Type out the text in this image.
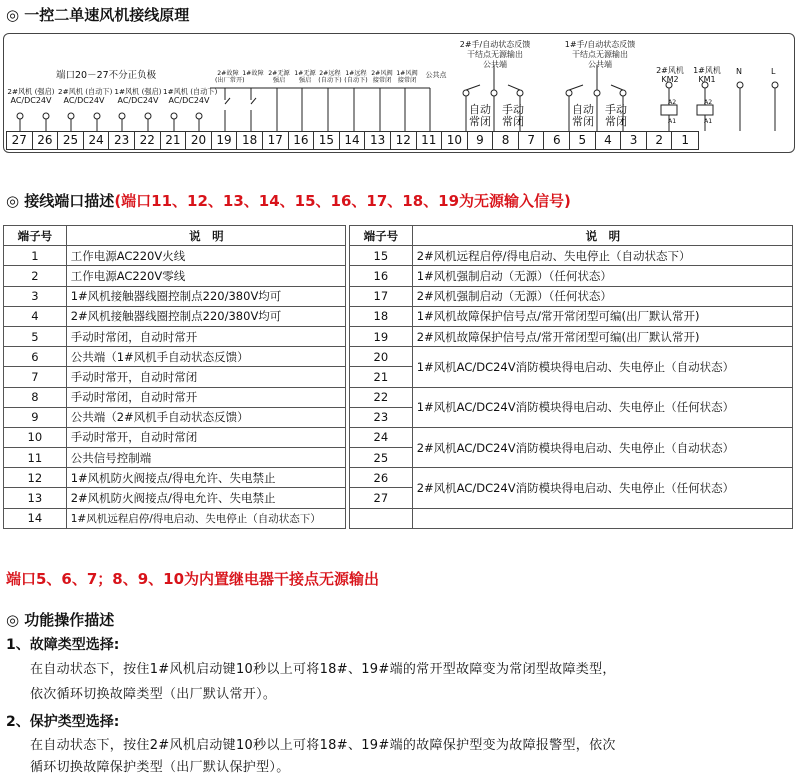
◎ 一控二单速风机接线原理
端口20－27不分正负极
2#风机 (强启)
AC/DC24V
2#风机 (自动下)
AC/DC24V
1#风机 (强启)
AC/DC24V
1#风机 (自动下)
AC/DC24V
2#故障
(出厂常开)
1#故障 2#无源
强启
1#无源
强启
2#远程
(自动下)
1#远程
(自动下)
2#风阀
接常闭
1#风阀
接常闭
公共点
2#手/自动状态反馈
干结点无源输出
公共端
1#手/自动状态反馈
干结点无源输出
公共端
自动
常闭
手动
常闭
自动
常闭
手动
常闭
2#风机
KM2
1#风机
KM1
A2
A1
A2
A1
N	L
27 26 25 24 23 22 21 20 19 18 17 16 15 14 13 12 11 10	9	8	7	6	5	4	3	2	1
◎ 接线端口描述(端口11、12、13、14、15、16、17、18、19为无源输入信号)
端子号	说　明
1	工作电源AC220V火线
2	工作电源AC220V零线
3	1#风机接触器线圈控制点220/380V均可
4	2#风机接触器线圈控制点220/380V均可
5	手动时常闭，自动时常开
6	公共端（1#风机手自动状态反馈）
7	手动时常开，自动时常闭
8	手动时常闭，自动时常开
9	公共端（2#风机手自动状态反馈）
10	手动时常开，自动时常闭
11	公共信号控制端
12	1#风机防火阀接点/得电允许、失电禁止
13	2#风机防火阀接点/得电允许、失电禁止
14	1#风机远程启停/得电启动、失电停止（自动状态下）
端子号	说　明
15	2#风机远程启停/得电启动、失电停止（自动状态下）
16	1#风机强制启动（无源）（任何状态）
17	2#风机强制启动（无源）（任何状态）
18	1#风机故障保护信号点/常开常闭型可编(出厂默认常开)
19	2#风机故障保护信号点/常开常闭型可编(出厂默认常开)
20	1#风机AC/DC24V消防模块得电启动、失电停止（自动状态）
21	
22	1#风机AC/DC24V消防模块得电启动、失电停止（任何状态）
23	
24	2#风机AC/DC24V消防模块得电启动、失电停止（自动状态）
25	
26	2#风机AC/DC24V消防模块得电启动、失电停止（任何状态）
27	

端口5、6、7；8、9、10为内置继电器干接点无源输出
◎ 功能操作描述
1、故障类型选择:
在自动状态下，按住1#风机启动键10秒以上可将18#、19#端的常开型故障变为常闭型故障类型，
依次循环切换故障类型（出厂默认常开）。
2、保护类型选择:
在自动状态下，按住2#风机启动键10秒以上可将18#、19#端的故障保护型变为故障报警型，依次
循环切换故障保护类型（出厂默认保护型）。
